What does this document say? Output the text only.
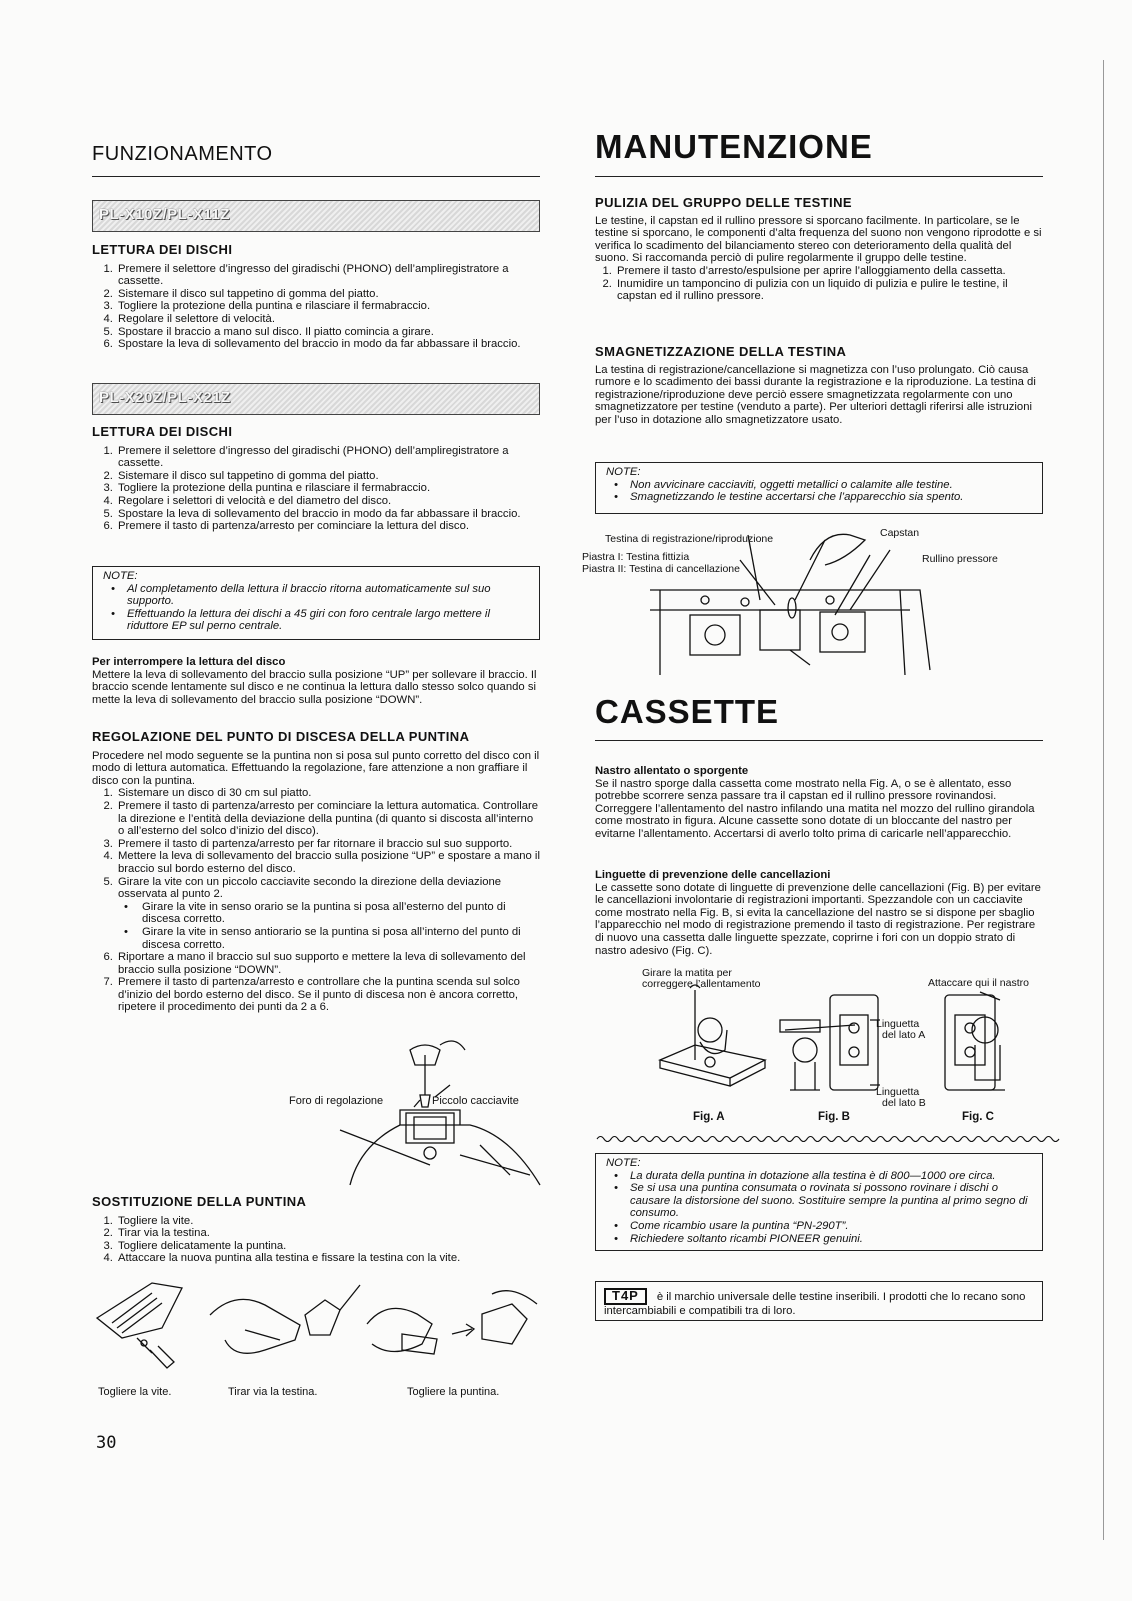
FUNZIONAMENTO	MANUTENZIONE
PL-X10Z/PL-X11Z
LETTURA DEI DISCHI
1. Premere il selettore d’ingresso del giradischi (PHONO) dell’ampliregistratore a cassette.
2. Sistemare il disco sul tappetino di gomma del piatto.
3. Togliere la protezione della puntina e rilasciare il fermabraccio.
4. Regolare il selettore di velocità.
5. Spostare il braccio a mano sul disco. Il piatto comincia a girare.
6. Spostare la leva di sollevamento del braccio in modo da far abbassare il braccio.
PL-X20Z/PL-X21Z
LETTURA DEI DISCHI
1. Premere il selettore d’ingresso del giradischi (PHONO) dell’ampliregistratore a cassette.
2. Sistemare il disco sul tappetino di gomma del piatto.
3. Togliere la protezione della puntina e rilasciare il fermabraccio.
4. Regolare i selettori di velocità e del diametro del disco.
5. Spostare la leva di sollevamento del braccio in modo da far abbassare il braccio.
6. Premere il tasto di partenza/arresto per cominciare la lettura del disco.
NOTE:
• Al completamento della lettura il braccio ritorna automaticamente sul suo supporto.
• Effettuando la lettura dei dischi a 45 giri con foro centrale largo mettere il riduttore EP sul perno centrale.
Per interrompere la lettura del disco

Mettere la leva di sollevamento del braccio sulla posizione “UP” per sollevare il braccio. Il braccio scende lentamente sul disco e ne continua la lettura dallo stesso solco quando si mette la leva di sollevamento del braccio sulla posizione “DOWN”.

REGOLAZIONE DEL PUNTO DI DISCESA DELLA PUNTINA

Procedere nel modo seguente se la puntina non si posa sul punto corretto del disco con il modo di lettura automatica. Effettuando la regolazione, fare attenzione a non graffiare il disco con la puntina.

1. Sistemare un disco di 30 cm sul piatto.
2. Premere il tasto di partenza/arresto per cominciare la lettura automatica. Controllare la direzione e l’entità della deviazione della puntina (di quanto si discosta all’interno o all’esterno del solco d’inizio del disco).
3. Premere il tasto di partenza/arresto per far ritornare il braccio sul suo supporto.
4. Mettere la leva di sollevamento del braccio sulla posizione “UP” e spostare a mano il braccio sul bordo esterno del disco.
5. Girare la vite con un piccolo cacciavite secondo la direzione della deviazione osservata al punto 2.
• Girare la vite in senso orario se la puntina si posa all’esterno del punto di discesa corretto.
• Girare la vite in senso antiorario se la puntina si posa all’interno del punto di discesa corretto.
6. Riportare a mano il braccio sul suo supporto e mettere la leva di sollevamento del braccio sulla posizione “DOWN”.
7. Premere il tasto di partenza/arresto e controllare che la puntina scenda sul solco d’inizio del bordo esterno del disco. Se il punto di discesa non è ancora corretto, ripetere il procedimento dei punti da 2 a 6.
Foro di regolazione	Piccolo cacciavite
SOSTITUZIONE DELLA PUNTINA
1. Togliere la vite.
2. Tirar via la testina.
3. Togliere delicatamente la puntina.
4. Attaccare la nuova puntina alla testina e fissare la testina con la vite.
Togliere la vite.	Tirar via la testina.	Togliere la puntina.
30
PULIZIA DEL GRUPPO DELLE TESTINE

Le testine, il capstan ed il rullino pressore si sporcano facilmente. In particolare, se le testine si sporcano, le componenti d’alta frequenza del suono non vengono riprodotte e si verifica lo scadimento del bilanciamento stereo con deterioramento della qualità del suono. Si raccomanda perciò di pulire regolarmente il gruppo delle testine.

1. Premere il tasto d’arresto/espulsione per aprire l’alloggiamento della cassetta.
2. Inumidire un tamponcino di pulizia con un liquido di pulizia e pulire le testine, il capstan ed il rullino pressore.
SMAGNETIZZAZIONE DELLA TESTINA

La testina di registrazione/cancellazione si magnetizza con l’uso prolungato. Ciò causa rumore e lo scadimento dei bassi durante la registrazione e la riproduzione. La testina di registrazione/riproduzione deve perciò essere smagnetizzata regolarmente con uno smagnetizzatore per testine (venduto a parte). Per ulteriori dettagli riferirsi alle istruzioni per l’uso in dotazione allo smagnetizzatore usato.

NOTE:
• Non avvicinare cacciaviti, oggetti metallici o calamite alle testine.
• Smagnetizzando le testine accertarsi che l’apparecchio sia spento.
Testina di registrazione/riproduzione	Capstan
Piastra I: Testina fittizia
Piastra II: Testina di cancellazione
Rullino pressore
CASSETTE
Nastro allentato o sporgente

Se il nastro sporge dalla cassetta come mostrato nella Fig. A, o se è allentato, esso potrebbe scorrere senza passare tra il capstan ed il rullino pressore rovinandosi. Correggere l’allentamento del nastro infilando una matita nel mozzo del rullino girandola come mostrato in figura. Alcune cassette sono dotate di un bloccante del nastro per evitarne l’allentamento. Accertarsi di averlo tolto prima di caricarle nell’apparecchio.

Linguette di prevenzione delle cancellazioni

Le cassette sono dotate di linguette di prevenzione delle cancellazioni (Fig. B) per evitare le cancellazioni involontarie di registrazioni importanti. Spezzandole con un cacciavite come mostrato nella Fig. B, si evita la cancellazione del nastro se si dispone per sbaglio l’apparecchio nel modo di registrazione premendo il tasto di registrazione. Per registrare di nuovo una cassetta dalle linguette spezzate, coprirne i fori con un doppio strato di nastro adesivo (Fig. C).

Girare la matita per
correggere l’allentamento	Attaccare qui il nastro
Linguetta
del lato A
Linguetta
del lato B
Fig. A	Fig. B	Fig. C
NOTE:
• La durata della puntina in dotazione alla testina è di 800—1000 ore circa.
• Se si usa una puntina consumata o rovinata si possono rovinare i dischi o causare la distorsione del suono. Sostituire sempre la puntina al primo segno di consumo.
• Come ricambio usare la puntina “PN-290T”.
• Richiedere soltanto ricambi PIONEER genuini.
T4P è il marchio universale delle testine inseribili. I prodotti che lo recano sono intercambiabili e compatibili tra di loro.
